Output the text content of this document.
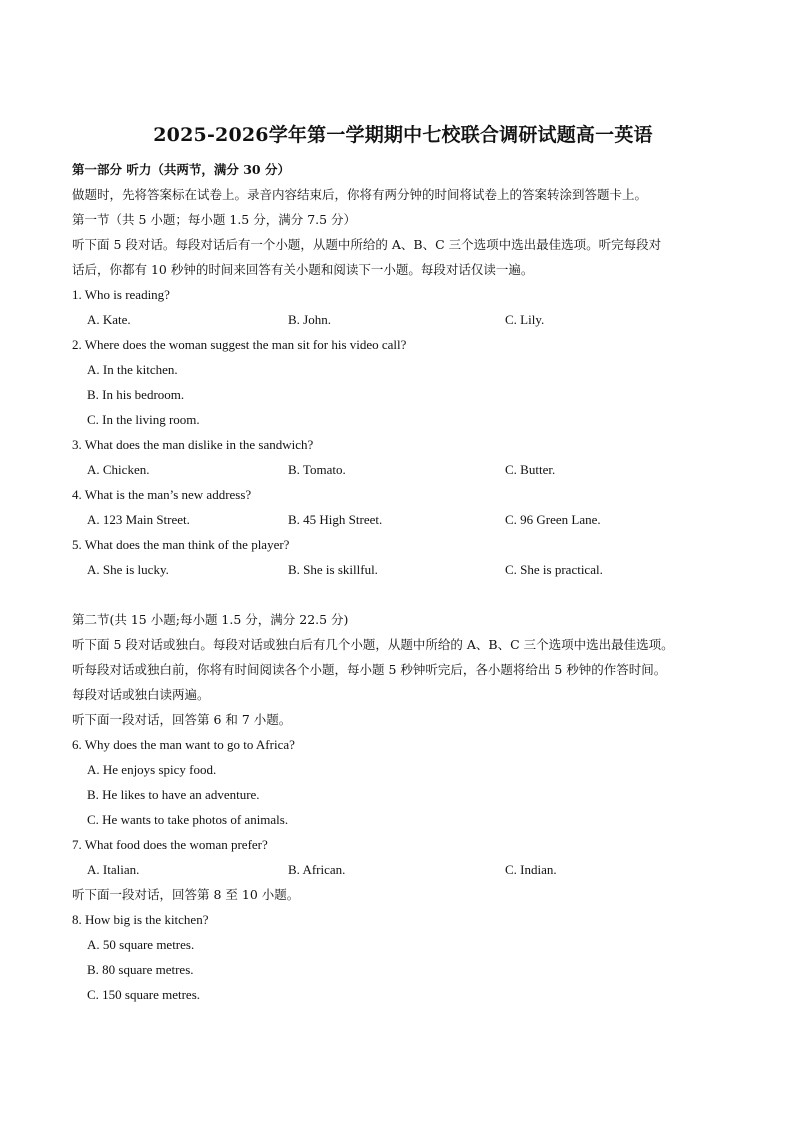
2025-2026学年第一学期期中七校联合调研试题高一英语
第一部分 听力（共两节，满分 30 分）
做题时，先将答案标在试卷上。录音内容结束后，你将有两分钟的时间将试卷上的答案转涂到答题卡上。
第一节（共 5 小题；每小题 1.5 分，满分 7.5 分）
听下面 5 段对话。每段对话后有一个小题，从题中所给的 A、B、C 三个选项中选出最佳选项。听完每段对
话后，你都有 10 秒钟的时间来回答有关小题和阅读下一小题。每段对话仅读一遍。
1. Who is reading?
A. Kate.	B. John.	C. Lily.
2. Where does the woman suggest the man sit for his video call?
A. In the kitchen.
B. In his bedroom.
C. In the living room.
3. What does the man dislike in the sandwich?
A. Chicken.	B. Tomato.	C. Butter.
4. What is the man’s new address?
A. 123 Main Street.	B. 45 High Street.	C. 96 Green Lane.
5. What does the man think of the player?
A. She is lucky.	B. She is skillful.	C. She is practical.
第二节(共 15 小题;每小题 1.5 分，满分 22.5 分)
听下面 5 段对话或独白。每段对话或独白后有几个小题，从题中所给的 A、B、C 三个选项中选出最佳选项。
听每段对话或独白前，你将有时间阅读各个小题，每小题 5 秒钟听完后，各小题将给出 5 秒钟的作答时间。
每段对话或独白读两遍。
听下面一段对话，回答第 6 和 7 小题。
6. Why does the man want to go to Africa?
A. He enjoys spicy food.
B. He likes to have an adventure.
C. He wants to take photos of animals.
7. What food does the woman prefer?
A. Italian.	B. African.	C. Indian.
听下面一段对话，回答第 8 至 10 小题。
8. How big is the kitchen?
A. 50 square metres.
B. 80 square metres.
C. 150 square metres.
